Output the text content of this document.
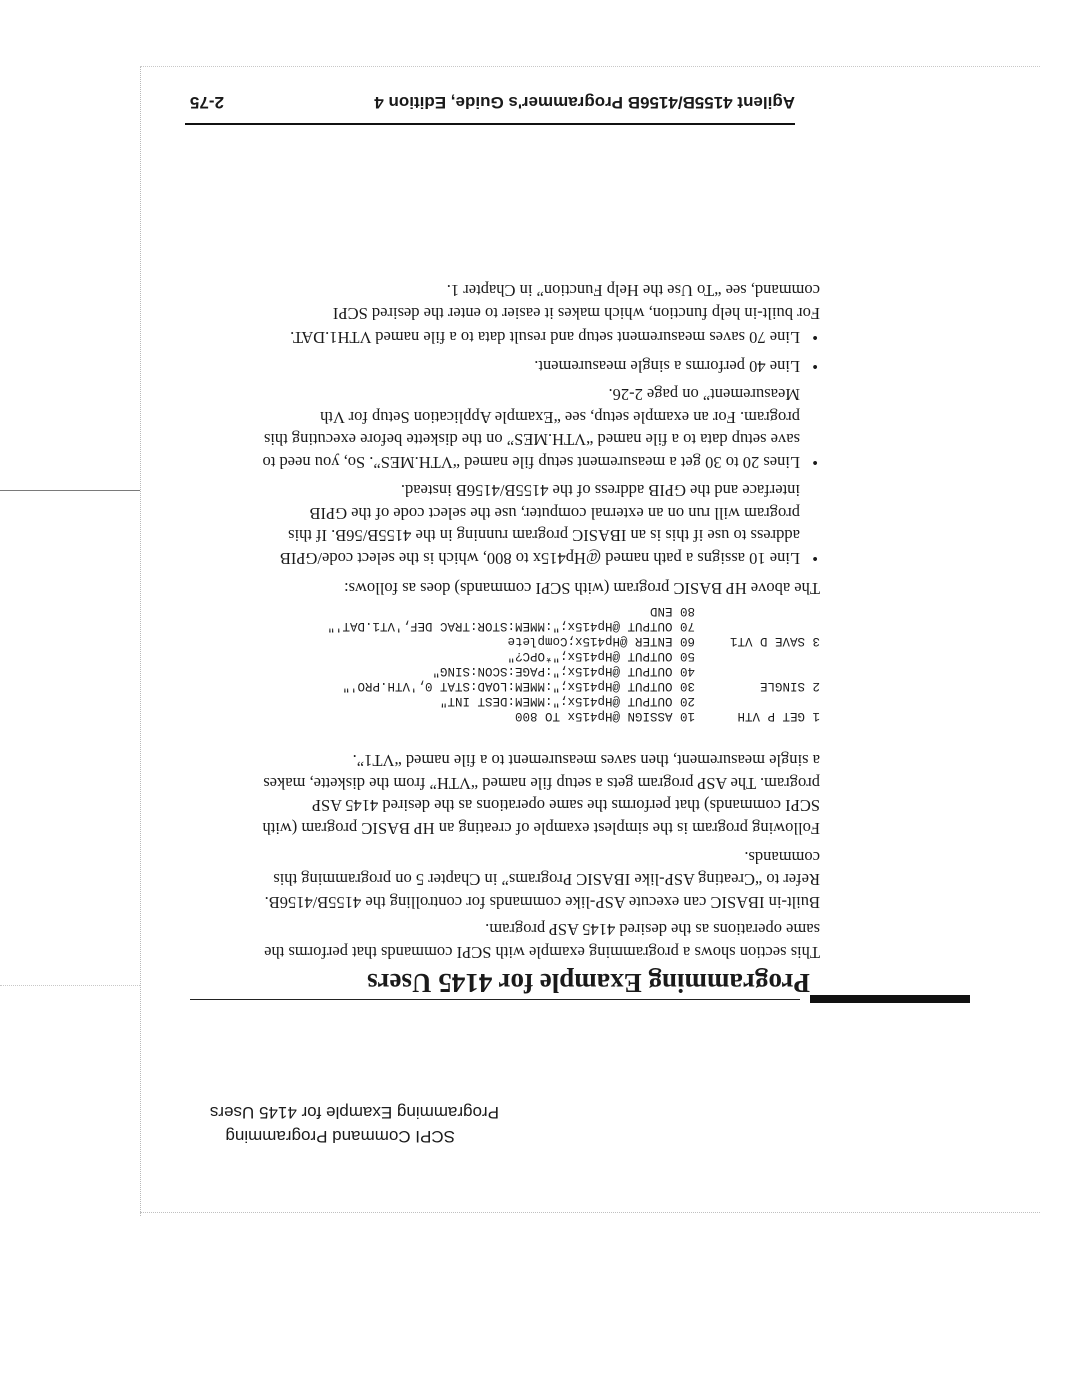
SCPI Command Programming
Programming Example for 4145 Users
Programming Example for 4145 Users
This section shows a programming example with SCPI commands that performs the same operations as the desired 4145 ASP program.
Built-in IBASIC can execute ASP-like commands for controlling the 4155B/4156B. Refer to “Creating ASP-like IBASIC Programs” in Chapter 5 on programming this commands.
Following program is the simplest example of creating an HP BASIC program (with SCPI commands) that performs the same operations as the desired 4145 ASP program. The ASP program gets a setup file named “VTH” from the diskette, makes a single measurement, then saves measurement to a file named “VT1”.
1 GET P VTH10 ASSIGN @Hp415x TO 800
20 OUTPUT @Hp415x;":MMEM:DEST INT"
2 SINGLE30 OUTPUT @Hp415x;":MMEM:LOAD:STAT 0,'VTH.PRO'"
40 OUTPUT @Hp415x;":PAGE:SCON:SING"
50 OUTPUT @Hp415x;"*OPC?"
3 SAVE D VT160 ENTER @Hp415x;Complete
70 OUTPUT @Hp415x;":MMEM:STOR:TRAC DEF,'VT1.DAT'"
80 END
The above HP BASIC program (with SCPI commands) does as follows:
• Line 10 assigns a path named @Hp415x to 800, which is the select code/GPIB address to use if this is an IBASIC program running in the 4155B/56B. If this program will run on an external computer, use the select code of the GPIB interface and the GPIB address of the 4155B/4156B instead.
• Lines 20 to 30 get a measurement setup file named “VTH.MES”. So, you need to save setup data to a file named “VTH.MES” on the diskette before executing this program. For an example setup, see “Example Application Setup for Vth Measurement” on page 2-26.
• Line 40 performs a single measurement.
• Line 70 saves measurement setup and result data to a file named VTH1.DAT.
For built-in help function, which makes it easier to enter the desired SCPI command, see “To Use the Help Function” in Chapter 1.
Agilent 4155B/4156B Programmer's Guide, Edition 4
2-75
